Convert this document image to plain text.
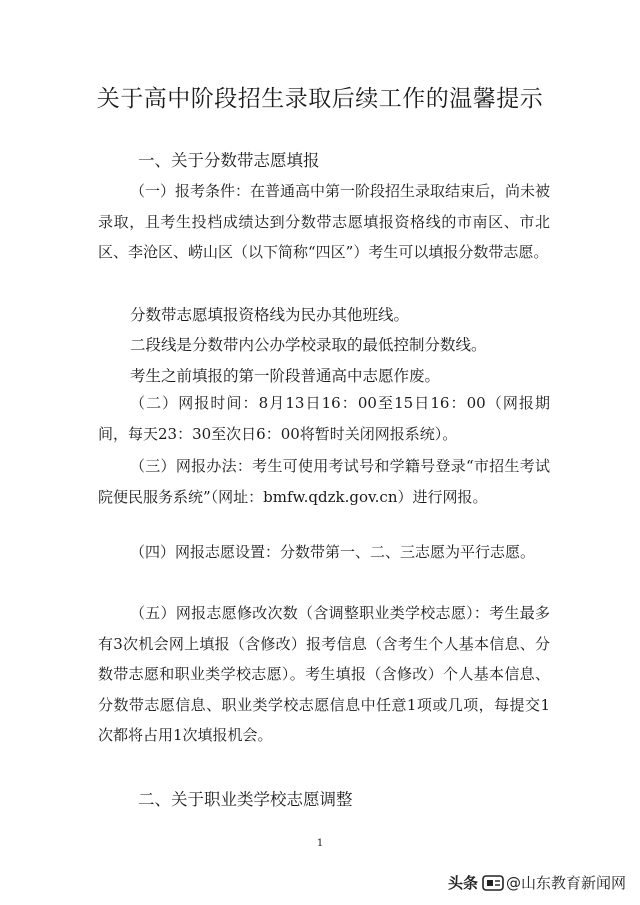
关于高中阶段招生录取后续工作的温馨提示
一、关于分数带志愿填报

（一）报考条件：在普通高中第一阶段招生录取结束后，尚未被录取，且考生投档成绩达到分数带志愿填报资格线的市南区、市北区、李沧区、崂山区（以下简称“四区”）考生可以填报分数带志愿。

分数带志愿填报资格线为民办其他班线。

二段线是分数带内公办学校录取的最低控制分数线。

考生之前填报的第一阶段普通高中志愿作废。

（二）网报时间：8月13日16：00至15日16：00（网报期间，每天23：30至次日6：00将暂时关闭网报系统）。

（三）网报办法：考生可使用考试号和学籍号登录“市招生考试院便民服务系统”（网址：bmfw.qdzk.gov.cn）进行网报。

（四）网报志愿设置：分数带第一、二、三志愿为平行志愿。

（五）网报志愿修改次数（含调整职业类学校志愿）：考生最多有3次机会网上填报（含修改）报考信息（含考生个人基本信息、分数带志愿和职业类学校志愿）。考生填报（含修改）个人基本信息、分数带志愿信息、职业类学校志愿信息中任意1项或几项，每提交1次都将占用1次填报机会。

二、关于职业类学校志愿调整
1
头条 @山东教育新闻网
